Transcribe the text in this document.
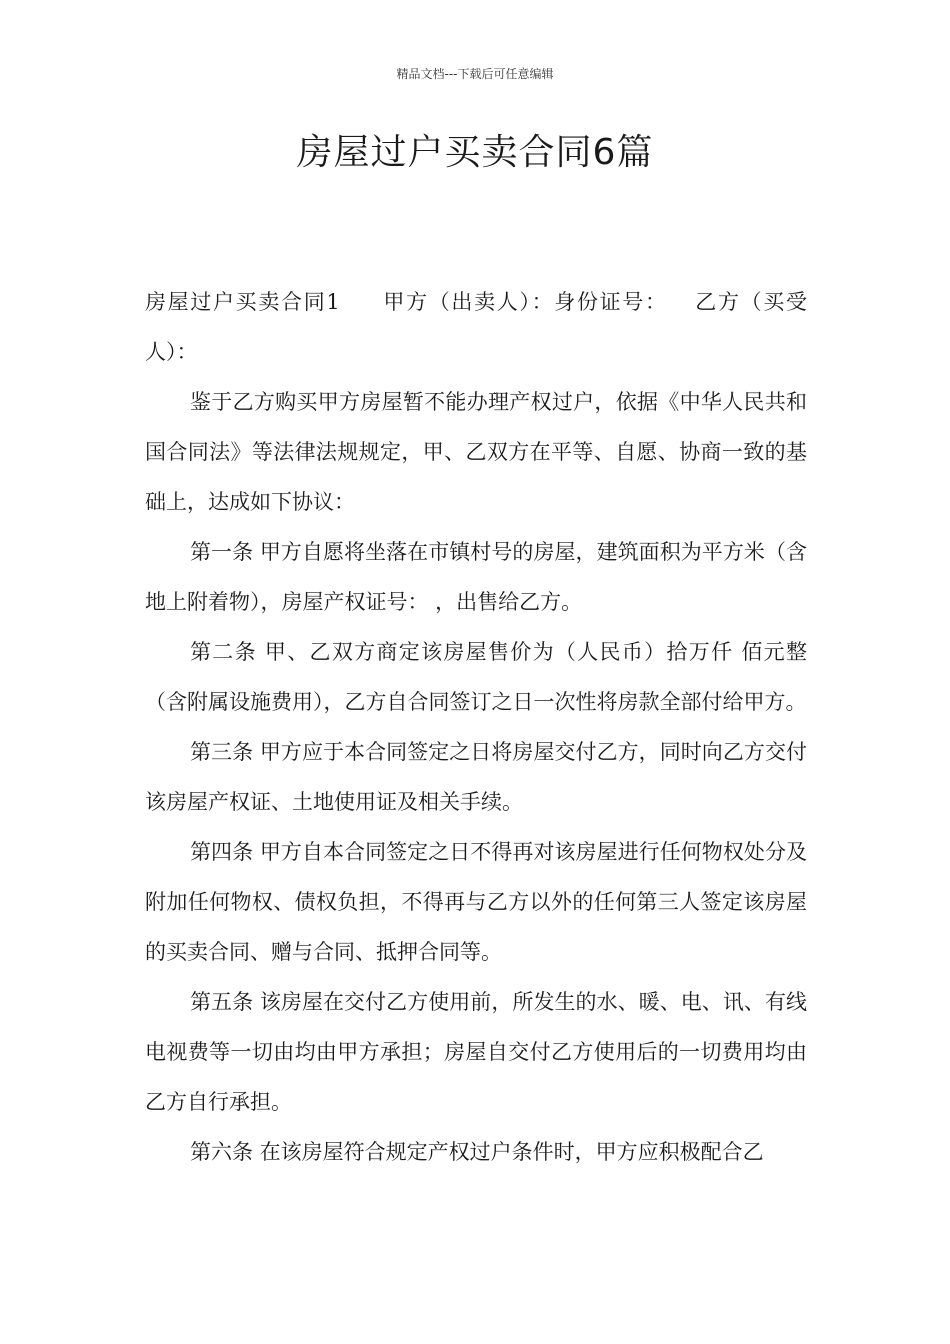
精品文档---下载后可任意编辑
房屋过户买卖合同6篇

房屋过户买卖合同1 甲方（出卖人）：身份证号： 乙方（买受人）：

鉴于乙方购买甲方房屋暂不能办理产权过户，依据《中华人民共和国合同法》等法律法规规定，甲、乙双方在平等、自愿、协商一致的基础上，达成如下协议：

第一条 甲方自愿将坐落在市镇村号的房屋，建筑面积为平方米（含地上附着物），房屋产权证号： ，出售给乙方。

第二条 甲、乙双方商定该房屋售价为（人民币）拾万仟 佰元整（含附属设施费用），乙方自合同签订之日一次性将房款全部付给甲方。

第三条 甲方应于本合同签定之日将房屋交付乙方，同时向乙方交付该房屋产权证、土地使用证及相关手续。

第四条 甲方自本合同签定之日不得再对该房屋进行任何物权处分及附加任何物权、债权负担，不得再与乙方以外的任何第三人签定该房屋的买卖合同、赠与合同、抵押合同等。

第五条 该房屋在交付乙方使用前，所发生的水、暖、电、讯、有线电视费等一切由均由甲方承担；房屋自交付乙方使用后的一切费用均由乙方自行承担。

第六条 在该房屋符合规定产权过户条件时，甲方应积极配合乙
